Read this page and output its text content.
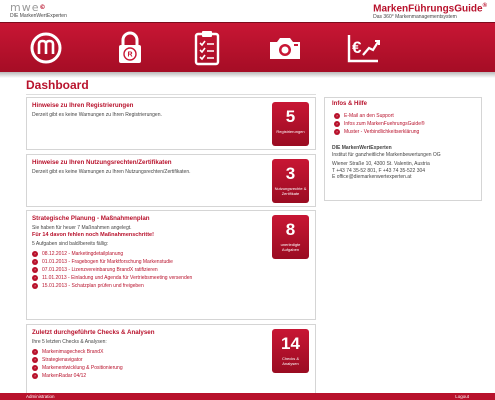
mwe©
DIE MarkenWertExperten
MarkenFührungsGuide®
Das 360° Markenmanagementsystem
R	€
Dashboard
Hinweise zu Ihren Registrierungen

Derzeit gibt es keine Warnungen zu Ihren Registrierungen.	5
Registrierungen
Hinweise zu Ihren Nutzungsrechten/Zertifikaten

Derzeit gibt es keine Warnungen zu Ihren Nutzungsrechten/Zertifikaten.	3
Nutzungsrechte & Zertifikate
Strategische Planung - Maßnahmenplan

Sie haben für heuer 7 Maßnahmen angelegt.

Für 14 davon fehlen noch Maßnahmenschritte!

5 Aufgaben sind bald/bereits fällig:

›	08.12.2012 - Marketingdetailplanung
›	01.01.2013 - Fragebogen für Marktforschung Markenstudie
›	07.01.2013 - Lizenzvereinbarung BrandX ratifizieren
›	11.01.2013 - Einladung und Agenda für Vertriebsmeeting versenden
›	15.01.2013 - Schatzplan prüfen und freigeben
8
unerledigte Aufgaben
Zuletzt durchgeführte Checks & Analysen

Ihre 5 letzten Checks & Analysen:

›	Markenimagecheck BrandX
›	Strategienavigator
›	Markenentwicklung & Positionierung
›	MarkenRadar 04/12
14
Checks & Analysen
Infos & Hilfe
›	E-Mail an den Support
›	Infos zum MarkenFuehrungsGuide®
›	Muster - Verbindlichkeitserklärung
DIE MarkenWertExperten
Institut für ganzheitliche Markenbewertungen OG
Wiener Straße 10, 4300 St. Valentin, Austria
T +43 74 35-52 801, F +43 74 35-522 304
E office@diemarkenwertexperten.at
Administration	Logout
